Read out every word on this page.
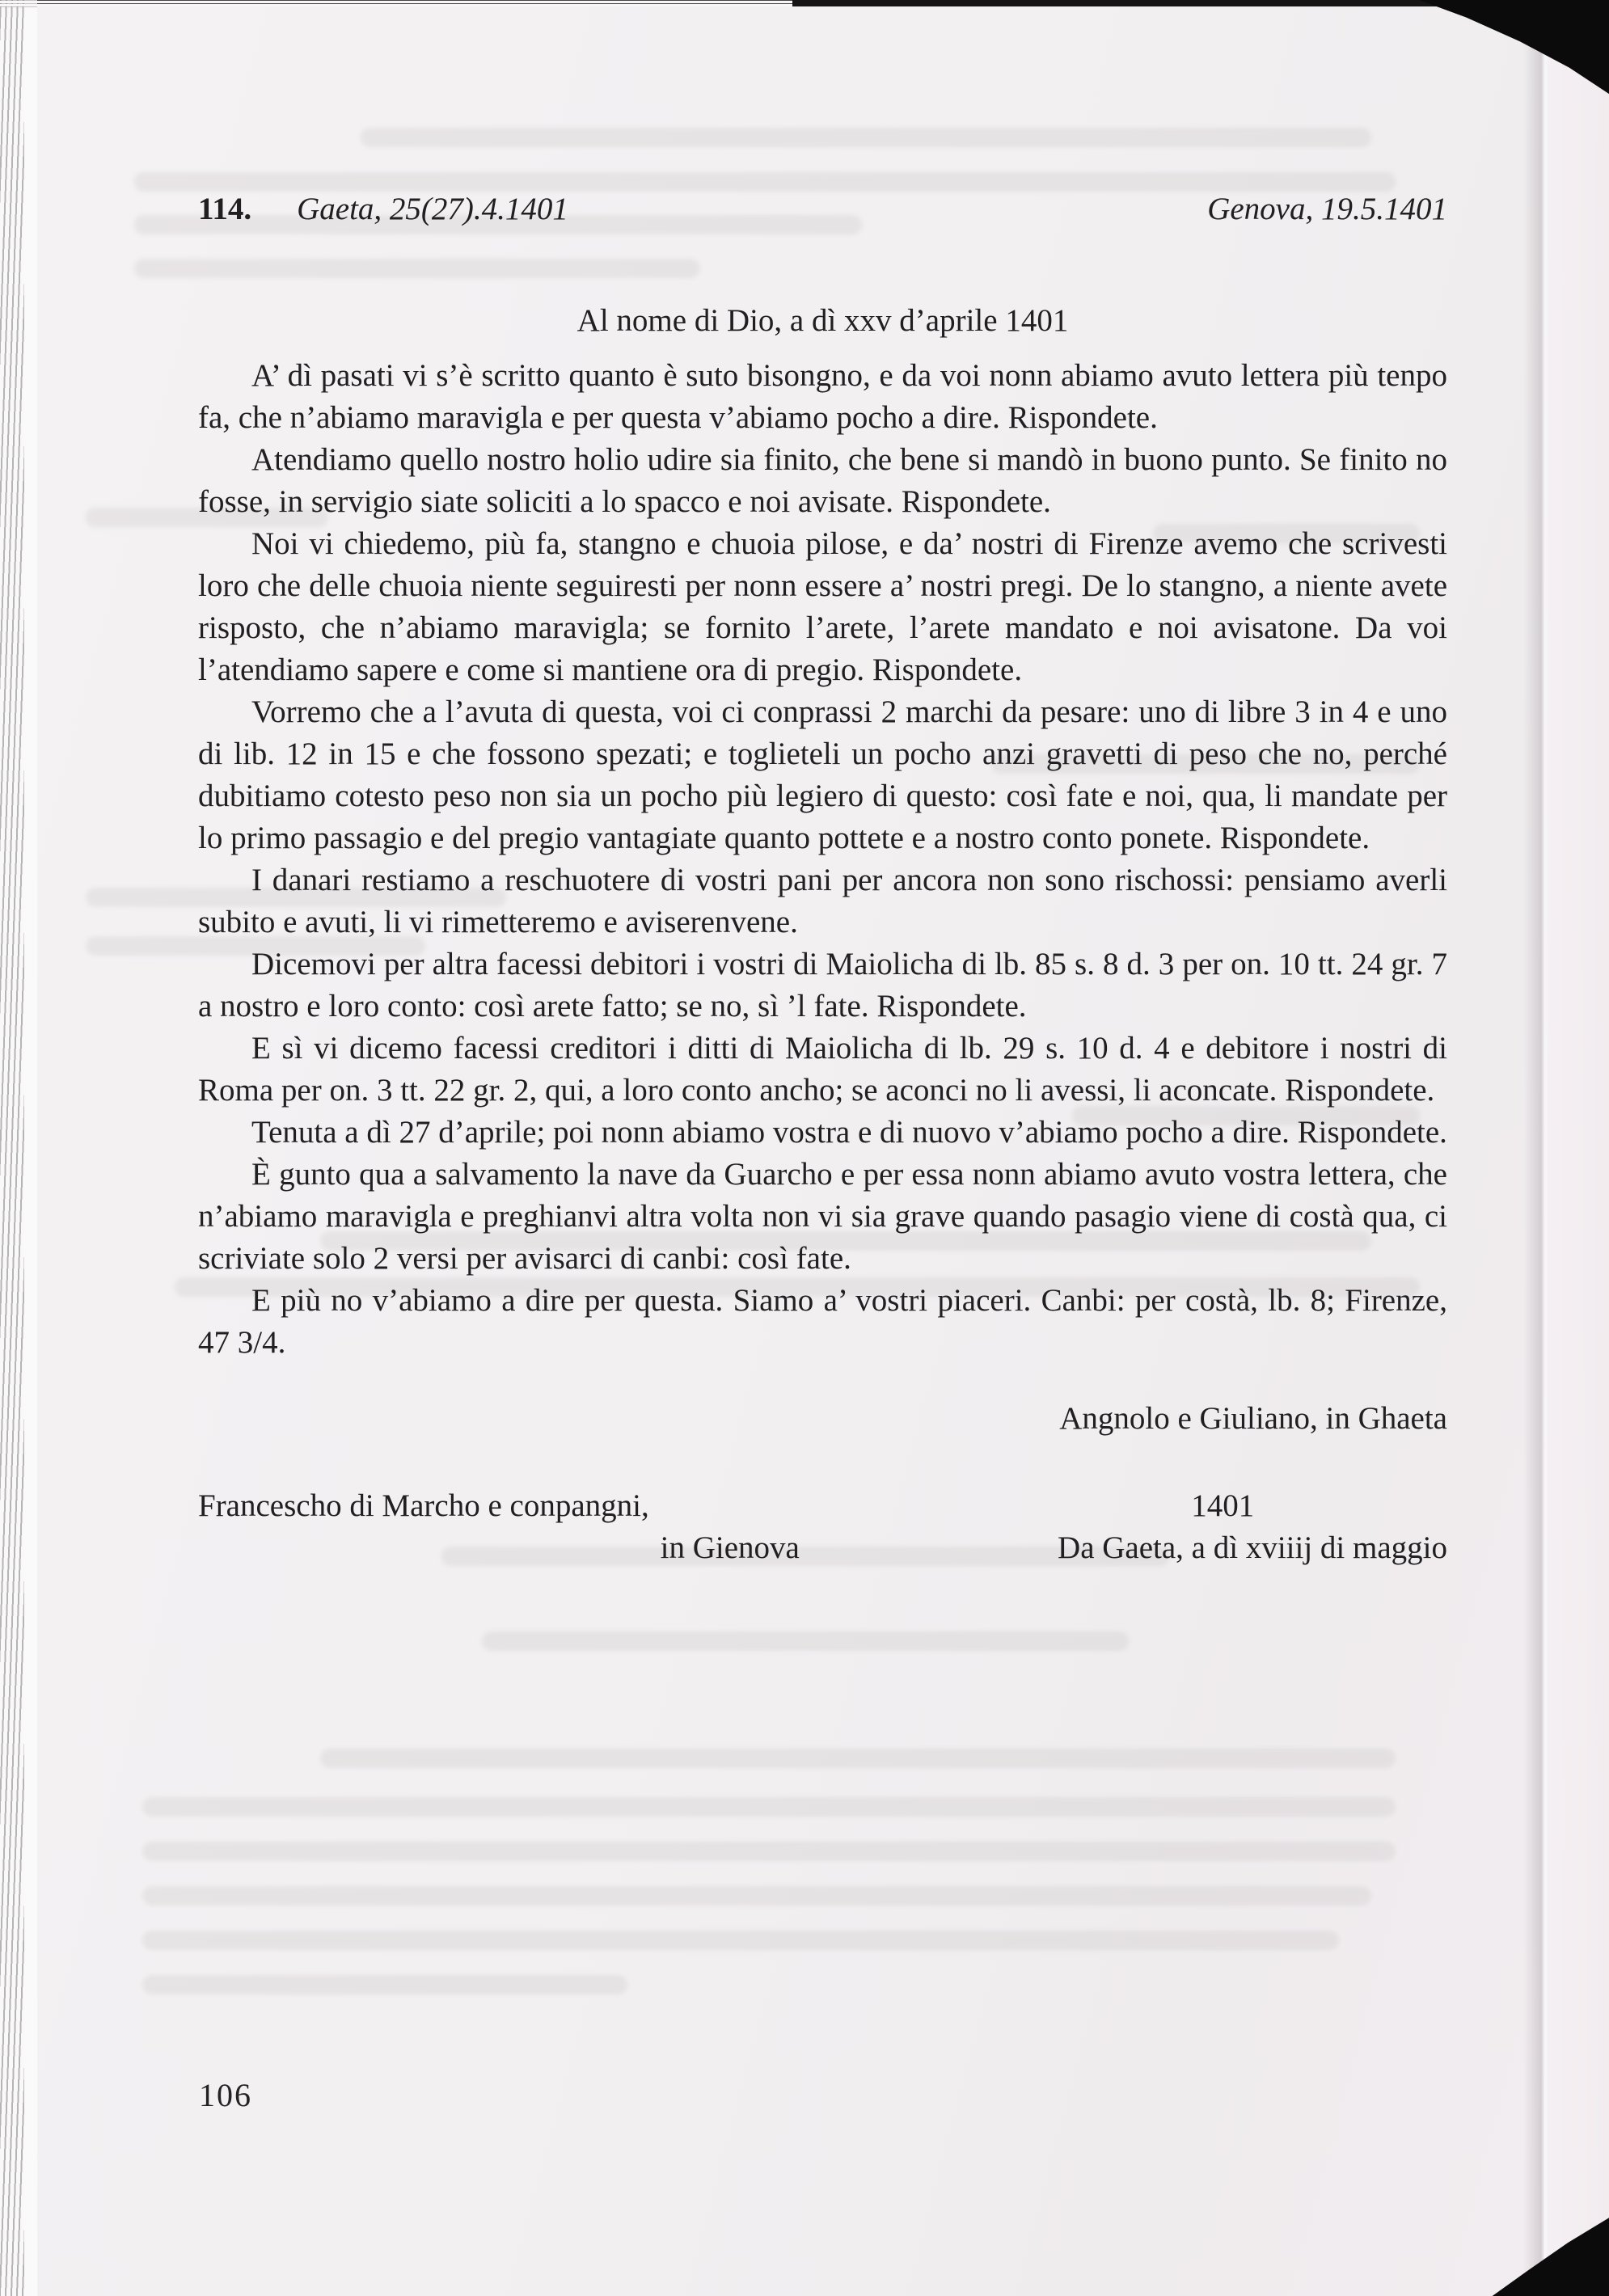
114. Gaeta, 25(27).4.1401	Genova, 19.5.1401
Al nome di Dio, a dì xxv d’aprile 1401

A’ dì pasati vi s’è scritto quanto è suto bisongno, e da voi nonn abiamo avuto lettera più tenpo fa, che n’abiamo maravigla e per questa v’abiamo pocho a dire. Rispondete.

Atendiamo quello nostro holio udire sia finito, che bene si mandò in buono punto. Se finito no fosse, in servigio siate soliciti a lo spacco e noi avisate. Rispondete.

Noi vi chiedemo, più fa, stangno e chuoia pilose, e da’ nostri di Firenze avemo che scrivesti loro che delle chuoia niente seguiresti per nonn essere a’ nostri pregi. De lo stangno, a niente avete risposto, che n’abiamo maravigla; se fornito l’arete, l’arete mandato e noi avisatone. Da voi l’atendiamo sapere e come si mantiene ora di pregio. Rispondete.

Vorremo che a l’avuta di questa, voi ci conprassi 2 marchi da pesare: uno di libre 3 in 4 e uno di lib. 12 in 15 e che fossono spezati; e toglieteli un pocho anzi gravetti di peso che no, perché dubitiamo cotesto peso non sia un pocho più legiero di questo: così fate e noi, qua, li mandate per lo primo passagio e del pregio vantagiate quanto pottete e a nostro conto ponete. Rispondete.

I danari restiamo a reschuotere di vostri pani per ancora non sono rischossi: pensiamo averli subito e avuti, li vi rimetteremo e aviserenvene.

Dicemovi per altra facessi debitori i vostri di Maiolicha di lb. 85 s. 8 d. 3 per on. 10 tt. 24 gr. 7 a nostro e loro conto: così arete fatto; se no, sì ’l fate. Rispondete.

E sì vi dicemo facessi creditori i ditti di Maiolicha di lb. 29 s. 10 d. 4 e debitore i nostri di Roma per on. 3 tt. 22 gr. 2, qui, a loro conto ancho; se aconci no li avessi, li aconcate. Rispondete.

Tenuta a dì 27 d’aprile; poi nonn abiamo vostra e di nuovo v’abiamo pocho a dire. Rispondete.

È gunto qua a salvamento la nave da Guarcho e per essa nonn abiamo avuto vostra lettera, che n’abiamo maravigla e preghianvi altra volta non vi sia grave quando pasagio viene di costà qua, ci scriviate solo 2 versi per avisarci di canbi: così fate.

E più no v’abiamo a dire per questa. Siamo a’ vostri piaceri. Canbi: per costà, lb. 8; Firenze, 47 3/4.

Angnolo e Giuliano, in Ghaeta
Francescho di Marcho e conpangni,	1401
in Gienova	Da Gaeta, a dì xviiij di maggio
106
